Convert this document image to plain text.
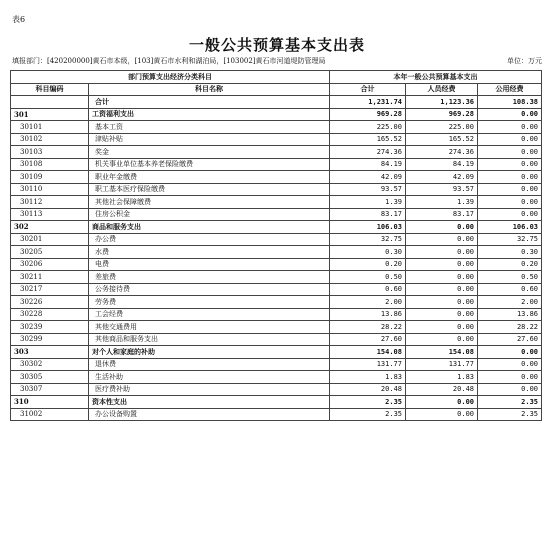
表6
一般公共预算基本支出表
填报部门：[420200000]黄石市本级，[103]黄石市水利和湖泊局，[103002]黄石市河道堤防管理局	单位：万元
部门预算支出经济分类科目		本年一般公共预算基本支出		
科目编码	科目名称	合计	人员经费	公用经费
	合计	1,231.74	1,123.36	108.38
301	工资福利支出	969.28	969.28	0.00
30101	基本工资	225.00	225.00	0.00
30102	津贴补贴	165.52	165.52	0.00
30103	奖金	274.36	274.36	0.00
30108	机关事业单位基本养老保险缴费	84.19	84.19	0.00
30109	职业年金缴费	42.09	42.09	0.00
30110	职工基本医疗保险缴费	93.57	93.57	0.00
30112	其他社会保障缴费	1.39	1.39	0.00
30113	住房公积金	83.17	83.17	0.00
302	商品和服务支出	106.03	0.00	106.03
30201	办公费	32.75	0.00	32.75
30205	水费	0.30	0.00	0.30
30206	电费	0.20	0.00	0.20
30211	差旅费	0.50	0.00	0.50
30217	公务接待费	0.60	0.00	0.60
30226	劳务费	2.00	0.00	2.00
30228	工会经费	13.86	0.00	13.86
30239	其他交通费用	28.22	0.00	28.22
30299	其他商品和服务支出	27.60	0.00	27.60
303	对个人和家庭的补助	154.08	154.08	0.00
30302	退休费	131.77	131.77	0.00
30305	生活补助	1.83	1.83	0.00
30307	医疗费补助	20.48	20.48	0.00
310	资本性支出	2.35	0.00	2.35
31002	办公设备购置	2.35	0.00	2.35
